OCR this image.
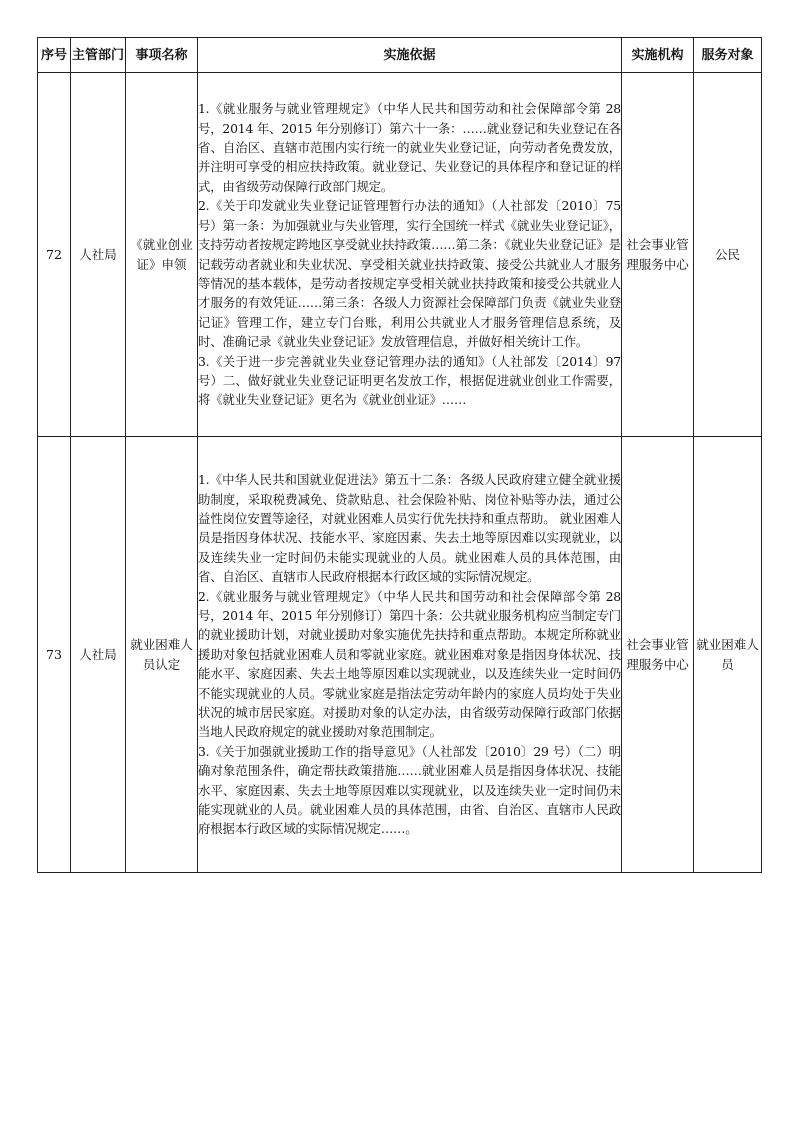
序号	主管部门	事项名称	实施依据	实施机构	服务对象
72	人社局	《就业创业证》申领	1.《就业服务与就业管理规定》（中华人民共和国劳动和社会保障部令第 28 号，2014 年、2015 年分别修订）第六十一条：……就业登记和失业登记在各省、自治区、直辖市范围内实行统一的就业失业登记证，向劳动者免费发放，并注明可享受的相应扶持政策。就业登记、失业登记的具体程序和登记证的样式，由省级劳动保障行政部门规定。

2.《关于印发就业失业登记证管理暂行办法的通知》（人社部发〔2010〕75 号）第一条：为加强就业与失业管理，实行全国统一样式《就业失业登记证》，支持劳动者按规定跨地区享受就业扶持政策……第二条：《就业失业登记证》是记载劳动者就业和失业状况、享受相关就业扶持政策、接受公共就业人才服务等情况的基本载体，是劳动者按规定享受相关就业扶持政策和接受公共就业人才服务的有效凭证……第三条：各级人力资源社会保障部门负责《就业失业登记证》管理工作，建立专门台账，利用公共就业人才服务管理信息系统，及时、准确记录《就业失业登记证》发放管理信息，并做好相关统计工作。

3.《关于进一步完善就业失业登记管理办法的通知》（人社部发〔2014〕97 号）二、做好就业失业登记证明更名发放工作，根据促进就业创业工作需要，将《就业失业登记证》更名为《就业创业证》……	社会事业管理服务中心	公民
73	人社局	就业困难人员认定	1.《中华人民共和国就业促进法》第五十二条：各级人民政府建立健全就业援助制度，采取税费减免、贷款贴息、社会保险补贴、岗位补贴等办法，通过公益性岗位安置等途径，对就业困难人员实行优先扶持和重点帮助。 就业困难人员是指因身体状况、技能水平、家庭因素、失去土地等原因难以实现就业，以及连续失业一定时间仍未能实现就业的人员。就业困难人员的具体范围，由省、自治区、直辖市人民政府根据本行政区域的实际情况规定。

2.《就业服务与就业管理规定》（中华人民共和国劳动和社会保障部令第 28 号，2014 年、2015 年分别修订）第四十条：公共就业服务机构应当制定专门的就业援助计划，对就业援助对象实施优先扶持和重点帮助。本规定所称就业援助对象包括就业困难人员和零就业家庭。就业困难对象是指因身体状况、技能水平、家庭因素、失去土地等原因难以实现就业，以及连续失业一定时间仍不能实现就业的人员。零就业家庭是指法定劳动年龄内的家庭人员均处于失业状况的城市居民家庭。对援助对象的认定办法，由省级劳动保障行政部门依据当地人民政府规定的就业援助对象范围制定。

3.《关于加强就业援助工作的指导意见》（人社部发〔2010〕29 号）（二）明确对象范围条件，确定帮扶政策措施……就业困难人员是指因身体状况、技能水平、家庭因素、失去土地等原因难以实现就业，以及连续失业一定时间仍未能实现就业的人员。就业困难人员的具体范围，由省、自治区、直辖市人民政府根据本行政区域的实际情况规定……。	社会事业管理服务中心	就业困难人员
